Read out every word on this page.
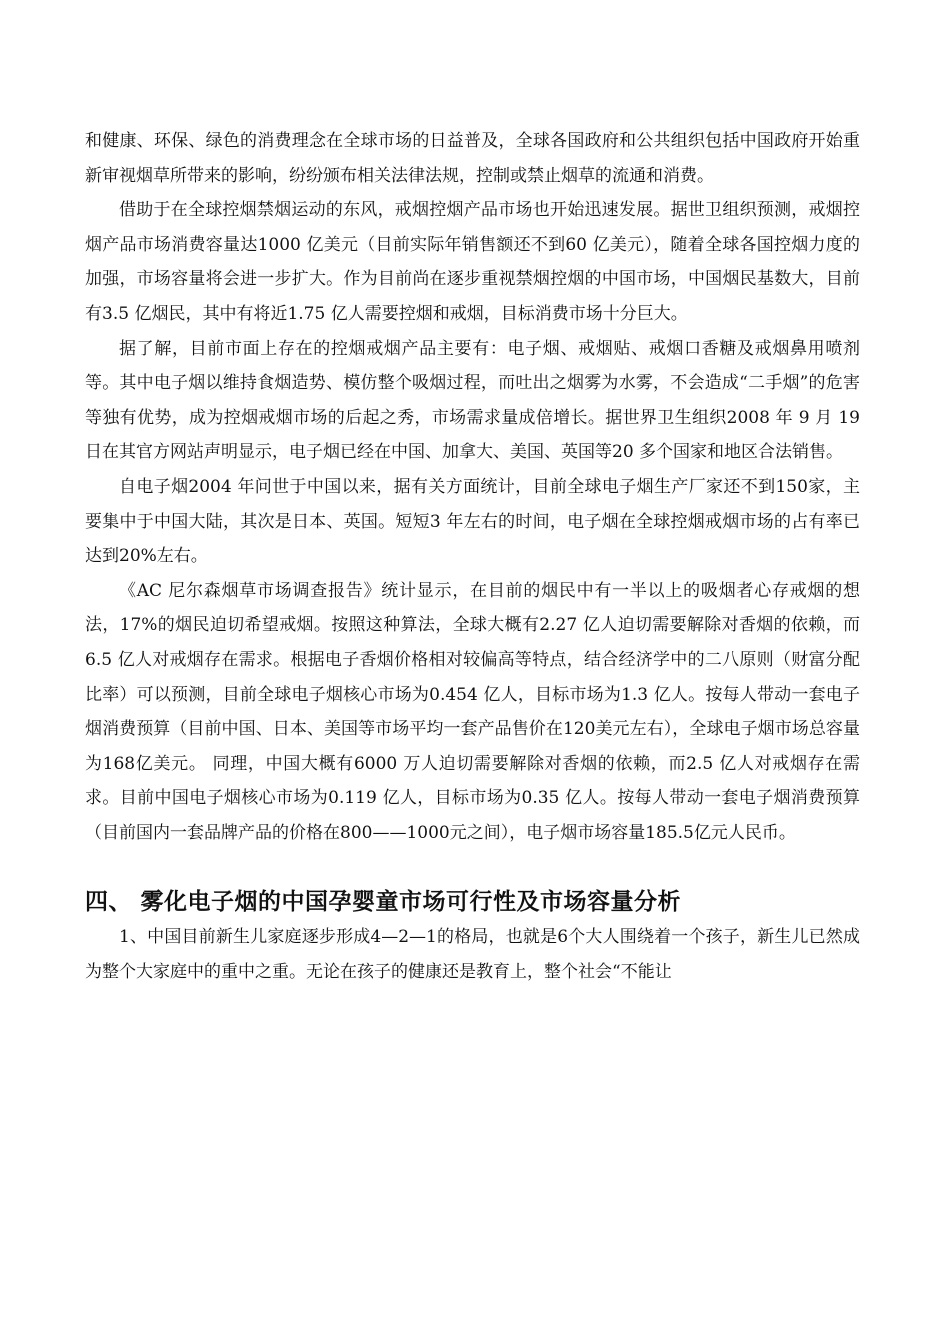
和健康、环保、绿色的消费理念在全球市场的日益普及，全球各国政府和公共组织包括中国政府开始重新审视烟草所带来的影响，纷纷颁布相关法律法规，控制或禁止烟草的流通和消费。

借助于在全球控烟禁烟运动的东风，戒烟控烟产品市场也开始迅速发展。据世卫组织预测，戒烟控烟产品市场消费容量达1000 亿美元（目前实际年销售额还不到60 亿美元），随着全球各国控烟力度的加强，市场容量将会进一步扩大。作为目前尚在逐步重视禁烟控烟的中国市场，中国烟民基数大，目前有3.5 亿烟民，其中有将近1.75 亿人需要控烟和戒烟，目标消费市场十分巨大。

据了解，目前市面上存在的控烟戒烟产品主要有：电子烟、戒烟贴、戒烟口香糖及戒烟鼻用喷剂等。其中电子烟以维持食烟造势、模仿整个吸烟过程，而吐出之烟雾为水雾，不会造成“二手烟”的危害等独有优势，成为控烟戒烟市场的后起之秀，市场需求量成倍增长。据世界卫生组织2008 年 9 月 19 日在其官方网站声明显示，电子烟已经在中国、加拿大、美国、英国等20 多个国家和地区合法销售。

自电子烟2004 年问世于中国以来，据有关方面统计，目前全球电子烟生产厂家还不到150家，主要集中于中国大陆，其次是日本、英国。短短3 年左右的时间，电子烟在全球控烟戒烟市场的占有率已达到20%左右。

《AC 尼尔森烟草市场调查报告》统计显示，在目前的烟民中有一半以上的吸烟者心存戒烟的想法，17%的烟民迫切希望戒烟。按照这种算法，全球大概有2.27 亿人迫切需要解除对香烟的依赖，而6.5 亿人对戒烟存在需求。根据电子香烟价格相对较偏高等特点，结合经济学中的二八原则（财富分配比率）可以预测，目前全球电子烟核心市场为0.454 亿人，目标市场为1.3 亿人。按每人带动一套电子烟消费预算（目前中国、日本、美国等市场平均一套产品售价在120美元左右），全球电子烟市场总容量 为168亿美元。 同理，中国大概有6000 万人迫切需要解除对香烟的依赖，而2.5 亿人对戒烟存在需求。目前中国电子烟核心市场为0.119 亿人，目标市场为0.35 亿人。按每人带动一套电子烟消费预算（目前国内一套品牌产品的价格在800——1000元之间），电子烟市场容量185.5亿元人民币。

四、 雾化电子烟的中国孕婴童市场可行性及市场容量分析

1、中国目前新生儿家庭逐步形成4—2—1的格局，也就是6个大人围绕着一个孩子，新生儿已然成为整个大家庭中的重中之重。无论在孩子的健康还是教育上，整个社会“不能让
